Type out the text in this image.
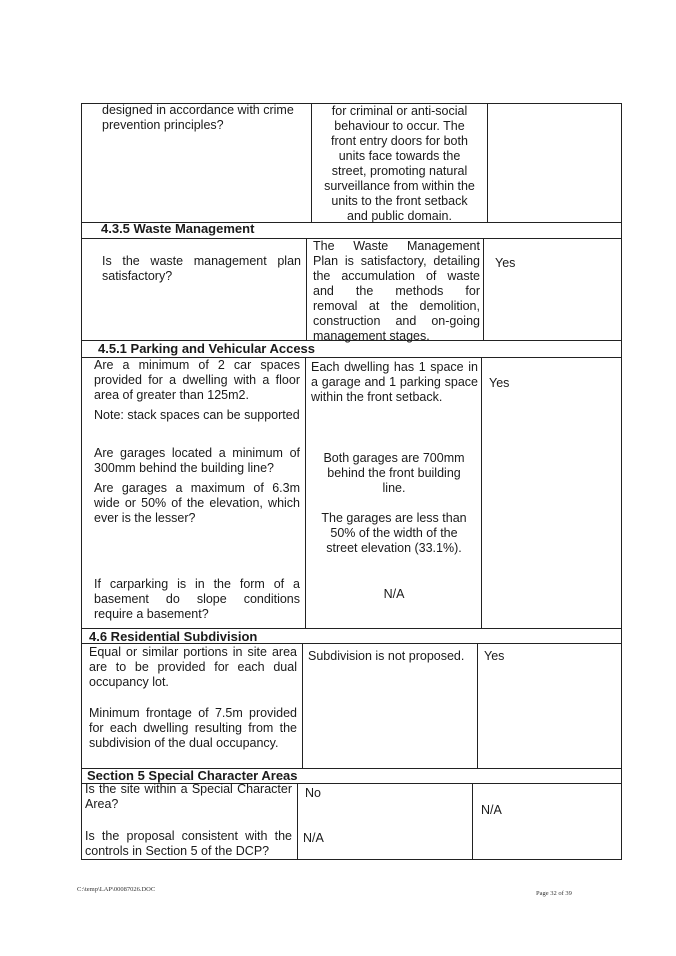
designed in accordance with crime prevention principles?
for criminal or anti-social
behaviour to occur. The
front entry doors for both
units face towards the
street, promoting natural
surveillance from within the
units to the front setback
and public domain.
4.3.5 Waste Management
Is the waste management plan satisfactory?
The Waste Management
Plan is satisfactory, detailing
the accumulation of waste
and the methods for
removal at the demolition,
construction and on-going
management stages.
Yes
4.5.1 Parking and Vehicular Access
Are a minimum of 2 car spaces provided for a dwelling with a floor area of greater than 125m2.
Note: stack spaces can be supported
Are garages located a minimum of 300mm behind the building line?
Are garages a maximum of 6.3m wide or 50% of the elevation, which ever is the lesser?
If carparking is in the form of a basement do slope conditions require a basement?
Each dwelling has 1 space in a garage and 1 parking space within the front setback.
Both garages are 700mm
behind the front building
line.
The garages are less than
50% of the width of the
street elevation (33.1%).
N/A
Yes
4.6 Residential Subdivision
Equal or similar portions in site area are to be provided for each dual occupancy lot.
Minimum frontage of 7.5m provided for each dwelling resulting from the subdivision of the dual occupancy.
Subdivision is not proposed.	Yes
Section 5 Special Character Areas
Is the site within a Special Character Area?
Is the proposal consistent with the controls in Section 5 of the DCP?
No
N/A
N/A
C:\temp\LAP\00087026.DOC
Page 32 of 39
